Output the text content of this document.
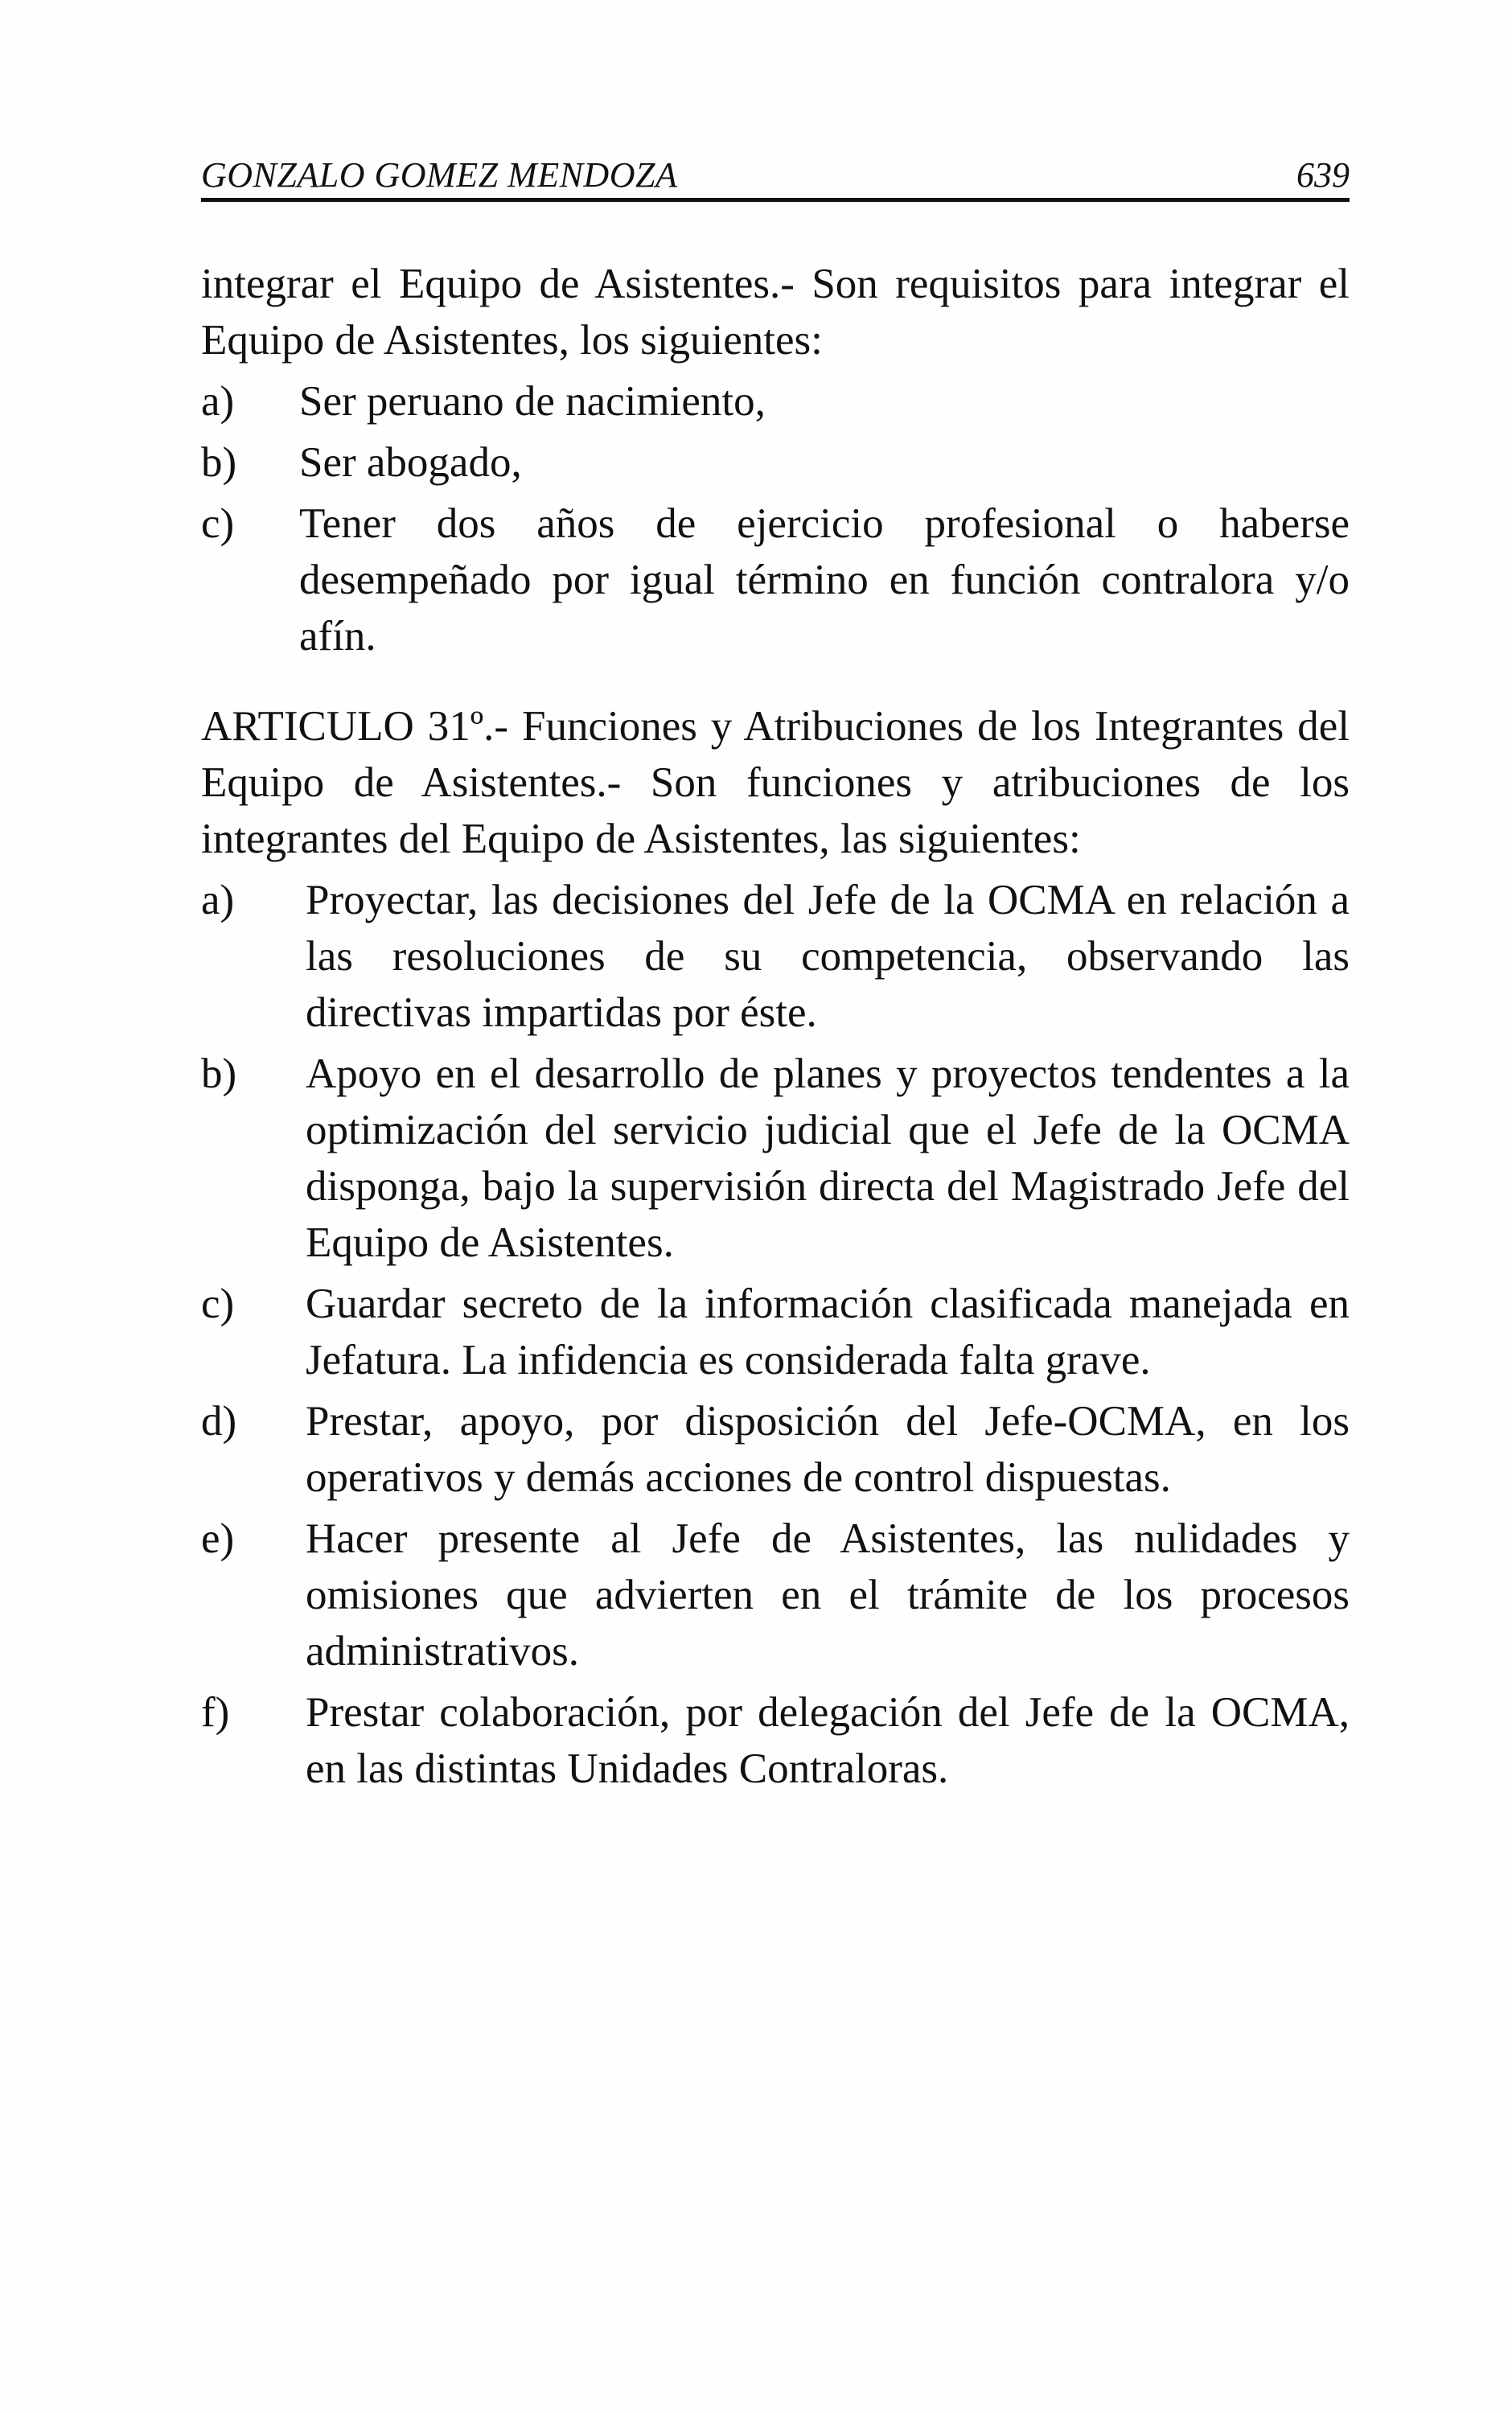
GONZALO GOMEZ MENDOZA	639

integrar el Equipo de Asistentes.- Son requisitos para integrar el Equipo de Asistentes, los siguientes:

a)	Ser peruano de nacimiento,
b)	Ser abogado,
c)	Tener dos años de ejercicio profesional o haberse desempeñado por igual término en función contralora y/o afín.

ARTICULO 31º.- Funciones y Atribuciones de los Integrantes del Equipo de Asistentes.- Son funciones y atribuciones de los integrantes del Equipo de Asistentes, las siguientes:

a)	Proyectar, las decisiones del Jefe de la OCMA en relación a las resoluciones de su competencia, observando las directivas impartidas por éste.
b)	Apoyo en el desarrollo de planes y proyectos tendentes a la optimización del servicio judicial que el Jefe de la OCMA disponga, bajo la supervisión directa del Magistrado Jefe del Equipo de Asistentes.
c)	Guardar secreto de la información clasificada manejada en Jefatura. La infidencia es considerada falta grave.
d)	Prestar, apoyo, por disposición del Jefe-OCMA, en los operativos y demás acciones de control dispuestas.
e)	Hacer presente al Jefe de Asistentes, las nulidades y omisiones que advierten en el trámite de los procesos administrativos.
f)	Prestar colaboración, por delegación del Jefe de la OCMA, en las distintas Unidades Contraloras.
